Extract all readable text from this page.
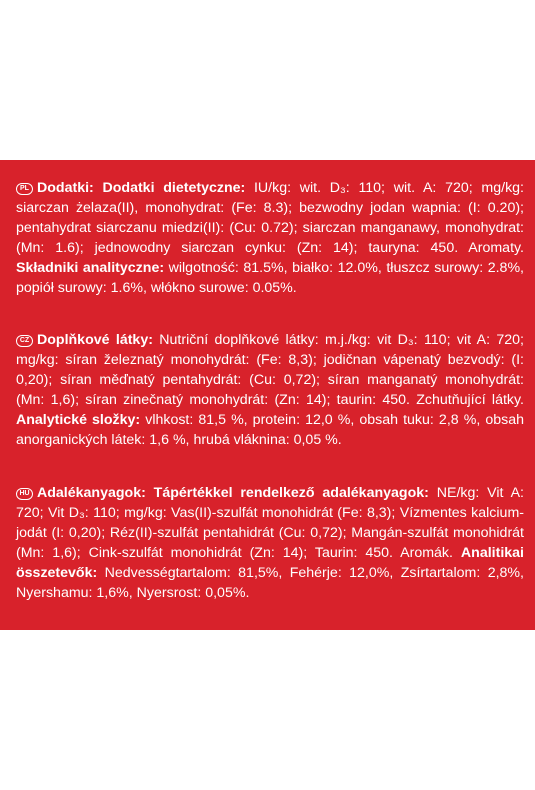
PL Dodatki: Dodatki dietetyczne: IU/kg: wit. D₃: 110; wit. A: 720; mg/kg: siarczan żelaza(II), monohydrat: (Fe: 8.3); bezwodny jodan wapnia: (I: 0.20); pentahydrat siarczanu miedzi(II): (Cu: 0.72); siarczan manganawy, monohydrat: (Mn: 1.6); jednowodny siarczan cynku: (Zn: 14); tauryna: 450. Aromaty. Składniki analityczne: wilgotność: 81.5%, białko: 12.0%, tłuszcz surowy: 2.8%, popiół surowy: 1.6%, włókno surowe: 0.05%.
CZ Doplňkové látky: Nutriční doplňkové látky: m.j./kg: vit D₃: 110; vit A: 720; mg/kg: síran železnatý monohydrát: (Fe: 8,3); jodičnan vápenatý bezvodý: (I: 0,20); síran měďnatý pentahydrát: (Cu: 0,72); síran manganatý monohydrát: (Mn: 1,6); síran zinečnatý monohydrát: (Zn: 14); taurin: 450. Zchutňující látky. Analytické složky: vlhkost: 81,5 %, protein: 12,0 %, obsah tuku: 2,8 %, obsah anorganických látek: 1,6 %, hrubá vláknina: 0,05 %.
HU Adalékanyagok: Tápértékkel rendelkező adalékanyagok: NE/kg: Vit A: 720; Vit D₃: 110; mg/kg: Vas(II)-szulfát monohidrát (Fe: 8,3); Vízmentes kalcium-jodát (I: 0,20); Réz(II)-szulfát pentahidrát (Cu: 0,72); Mangán-szulfát monohidrát (Mn: 1,6); Cink-szulfát monohidrát (Zn: 14); Taurin: 450. Aromák. Analitikai összetevők: Nedvességtartalom: 81,5%, Fehérje: 12,0%, Zsírtartalom: 2,8%, Nyershamu: 1,6%, Nyersrost: 0,05%.
